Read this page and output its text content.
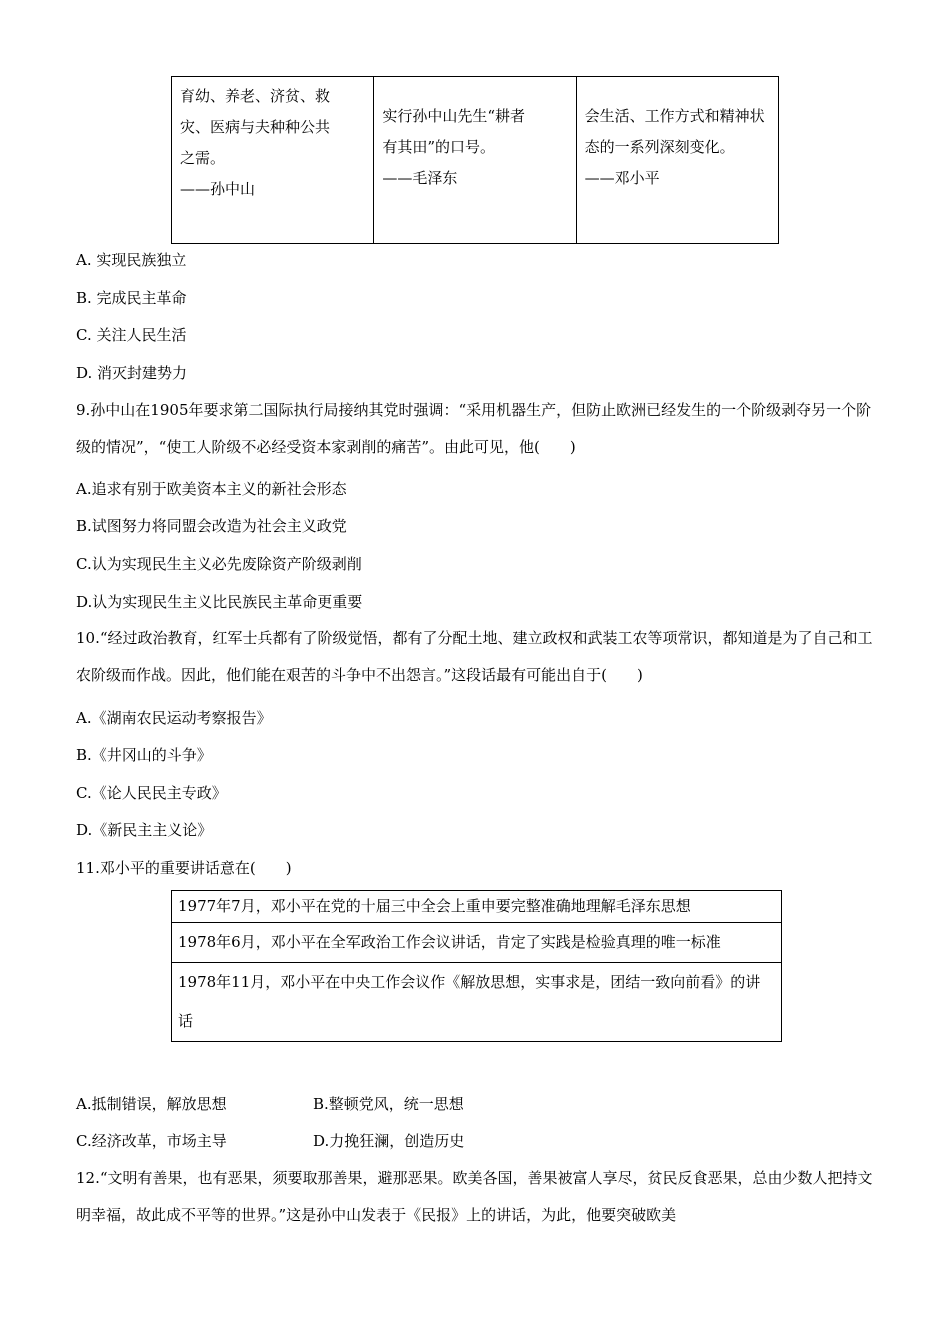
育幼、养老、济贫、救
灾、医病与夫种种公共
之需。
——孙中山

实行孙中山先生“耕者
有其田”的口号。
——毛泽东

会生活、工作方式和精神状
态的一系列深刻变化。
——邓小平
A. 实现民族独立
B. 完成民主革命
C. 关注人民生活
D. 消灭封建势力
9.孙中山在1905年要求第二国际执行局接纳其党时强调：“采用机器生产，但防止欧洲已经发生的一个阶级剥夺另一个阶级的情况”，“使工人阶级不必经受资本家剥削的痛苦”。由此可见，他(　　)
A.追求有别于欧美资本主义的新社会形态
B.试图努力将同盟会改造为社会主义政党
C.认为实现民生主义必先废除资产阶级剥削
D.认为实现民生主义比民族民主革命更重要
10.“经过政治教育，红军士兵都有了阶级觉悟，都有了分配土地、建立政权和武装工农等项常识，都知道是为了自己和工农阶级而作战。因此，他们能在艰苦的斗争中不出怨言。”这段话最有可能出自于(　　)
A.《湖南农民运动考察报告》
B.《井冈山的斗争》
C.《论人民民主专政》
D.《新民主主义论》
11.邓小平的重要讲话意在(　　)
1977年7月，邓小平在党的十届三中全会上重申要完整准确地理解毛泽东思想
1978年6月，邓小平在全军政治工作会议讲话，肯定了实践是检验真理的唯一标准
1978年11月，邓小平在中央工作会议作《解放思想，实事求是，团结一致向前看》的讲话
A.抵制错误，解放思想	B.整顿党风，统一思想
C.经济改革，市场主导	D.力挽狂澜，创造历史
12.“文明有善果，也有恶果，须要取那善果，避那恶果。欧美各国，善果被富人享尽，贫民反食恶果，总由少数人把持文明幸福，故此成不平等的世界。”这是孙中山发表于《民报》上的讲话，为此，他要突破欧美
